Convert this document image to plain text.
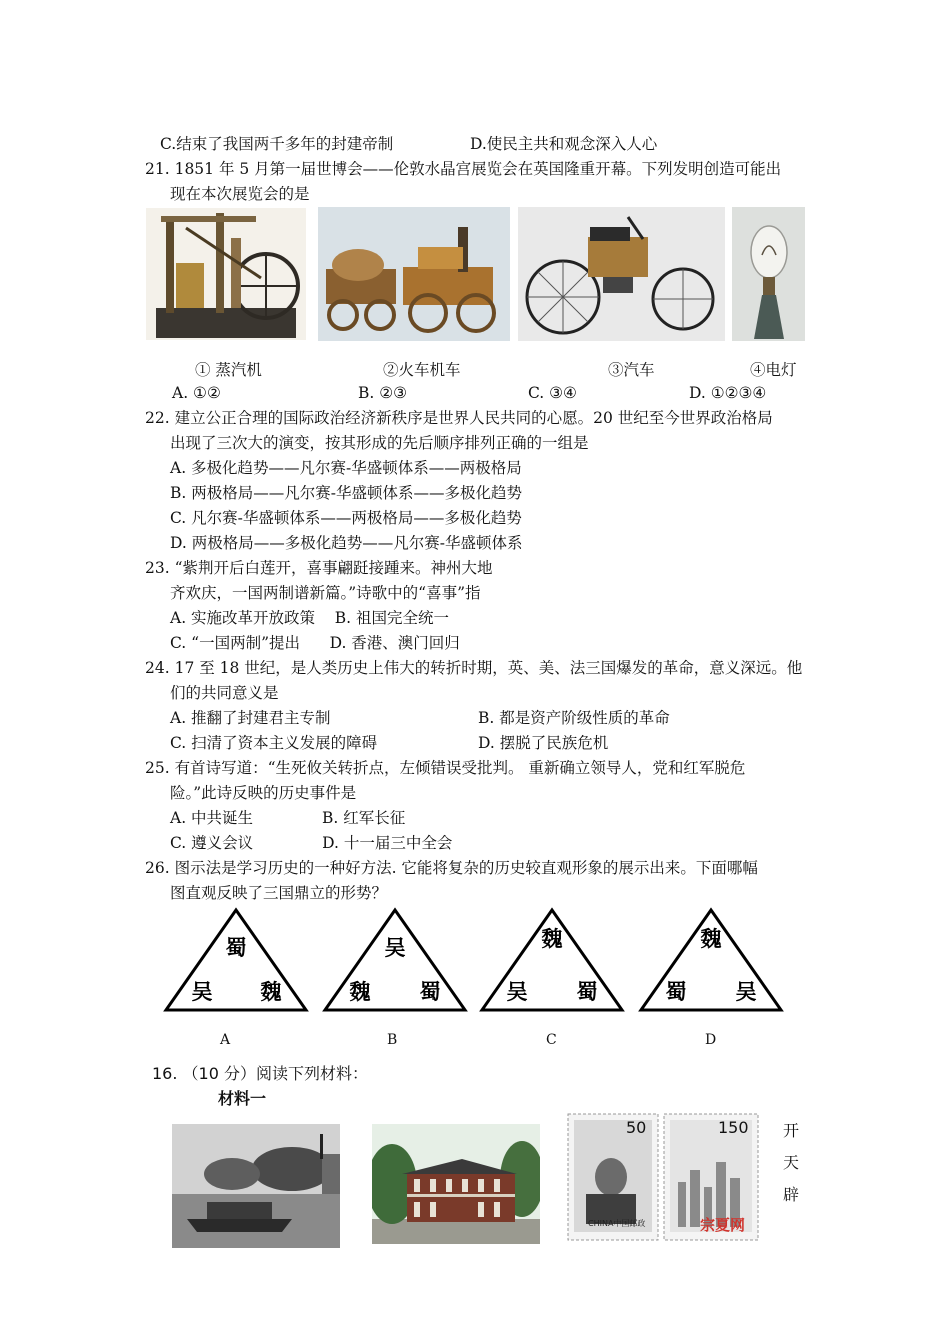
C.结束了我国两千多年的封建帝制	D.使民主共和观念深入人心
21. 1851 年 5 月第一届世博会——伦敦水晶宫展览会在英国隆重开幕。下列发明创造可能出
现在本次展览会的是
① 蒸汽机	②火车机车	③汽车	④电灯
A. ①②	B. ②③	C. ③④	D. ①②③④
22. 建立公正合理的国际政治经济新秩序是世界人民共同的心愿。20 世纪至今世界政治格局
出现了三次大的演变，按其形成的先后顺序排列正确的一组是
A. 多极化趋势——凡尔赛-华盛顿体系——两极格局
B. 两极格局——凡尔赛-华盛顿体系——多极化趋势
C. 凡尔赛-华盛顿体系——两极格局——多极化趋势
D. 两极格局——多极化趋势——凡尔赛-华盛顿体系
23. “紫荆开后白莲开，喜事翩跹接踵来。神州大地
齐欢庆，一国两制谱新篇。”诗歌中的“喜事”指
A. 实施改革开放政策    B. 祖国完全统一
C. “一国两制”提出      D. 香港、澳门回归
24. 17 至 18 世纪，是人类历史上伟大的转折时期，英、美、法三国爆发的革命，意义深远。他
们的共同意义是
A. 推翻了封建君主专制	B. 都是资产阶级性质的革命
C. 扫清了资本主义发展的障碍	D. 摆脱了民族危机
25. 有首诗写道：“生死攸关转折点，左倾错误受批判。 重新确立领导人，党和红军脱危
险。”此诗反映的历史事件是
A. 中共诞生              B. 红军长征
C. 遵义会议              D. 十一届三中全会
26. 图示法是学习历史的一种好方法. 它能将复杂的历史较直观形象的展示出来。下面哪幅
图直观反映了三国鼎立的形势？
蜀
吴 魏
吴
魏 蜀
魏
吴 蜀
魏
蜀 吴
A	B	C	D
16. （10 分）阅读下列材料：
材料一
50	150
CHINA中国邮政	宗夏网
开
天
辟
